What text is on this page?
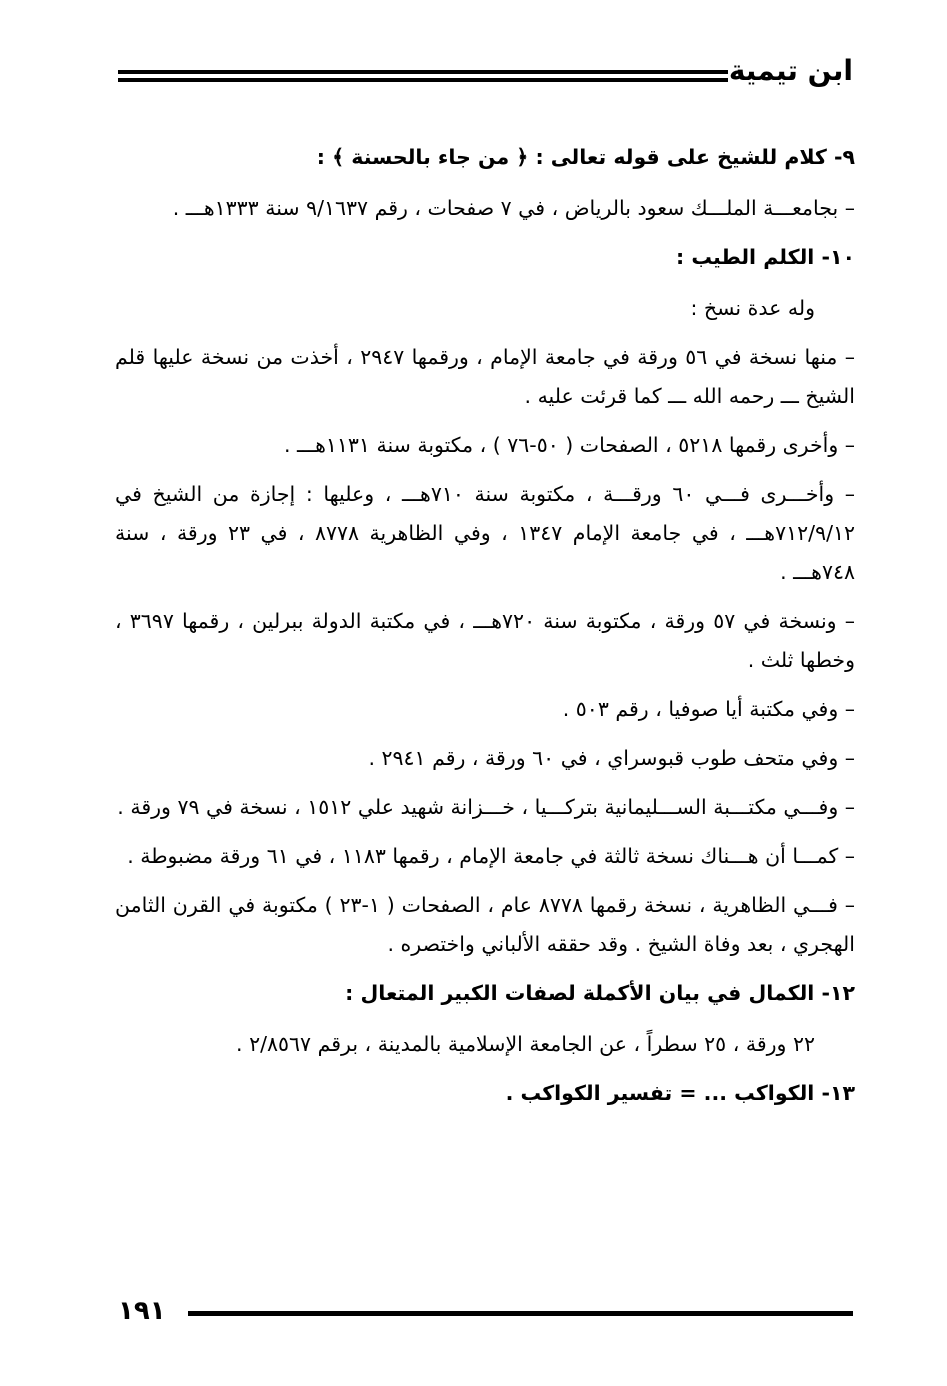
ابن تيمية

٩- كلام للشيخ على قوله تعالى : ﴿ من جاء بالحسنة ﴾ :

– بجامعـــة الملـــك سعود بالرياض ، في ٧ صفحات ، رقم ٩/١٦٣٧ سنة ١٣٣٣هـــ .

١٠- الكلم الطيب :

وله عدة نسخ :

– منها نسخة في ٥٦ ورقة في جامعة الإمام ، ورقمها ٢٩٤٧ ، أخذت من نسخة عليها قلم الشيخ ـــ رحمه الله ـــ كما قرئت عليه .

– وأخرى رقمها ٥٢١٨ ، الصفحات ( ٥٠-٧٦ ) ، مكتوبة سنة ١١٣١هـــ .

– وأخـــرى فـــي ٦٠ ورقـــة ، مكتوبة سنة ٧١٠هـــ ، وعليها : إجازة من الشيخ في ٧١٢/٩/١٢هـــ ، في جامعة الإمام ١٣٤٧ ، وفي الظاهرية ٨٧٧٨ ، في ٢٣ ورقة ، سنة ٧٤٨هـــ .

– ونسخة في ٥٧ ورقة ، مكتوبة سنة ٧٢٠هـــ ، في مكتبة الدولة ببرلين ، رقمها ٣٦٩٧ ، وخطها ثلث .

– وفي مكتبة أيا صوفيا ، رقم ٥٠٣ .

– وفي متحف طوب قبوسراي ، في ٦٠ ورقة ، رقم ٢٩٤١ .

– وفـــي مكتـــبة الســـليمانية بتركـــيا ، خـــزانة شهيد علي ١٥١٢ ، نسخة في ٧٩ ورقة .

– كمـــا أن هـــناك نسخة ثالثة في جامعة الإمام ، رقمها ١١٨٣ ، في ٦١ ورقة مضبوطة .

– فـــي الظاهرية ، نسخة رقمها ٨٧٧٨ عام ، الصفحات ( ١-٢٣ ) مكتوبة في القرن الثامن الهجري ، بعد وفاة الشيخ . وقد حققه الألباني واختصره .

١٢- الكمال في بيان الأكملة لصفات الكبير المتعال :

٢٢ ورقة ، ٢٥ سطراً ، عن الجامعة الإسلامية بالمدينة ، برقم ٢/٨٥٦٧ .

١٣- الكواكب ... = تفسير الكواكب .

١٩١
